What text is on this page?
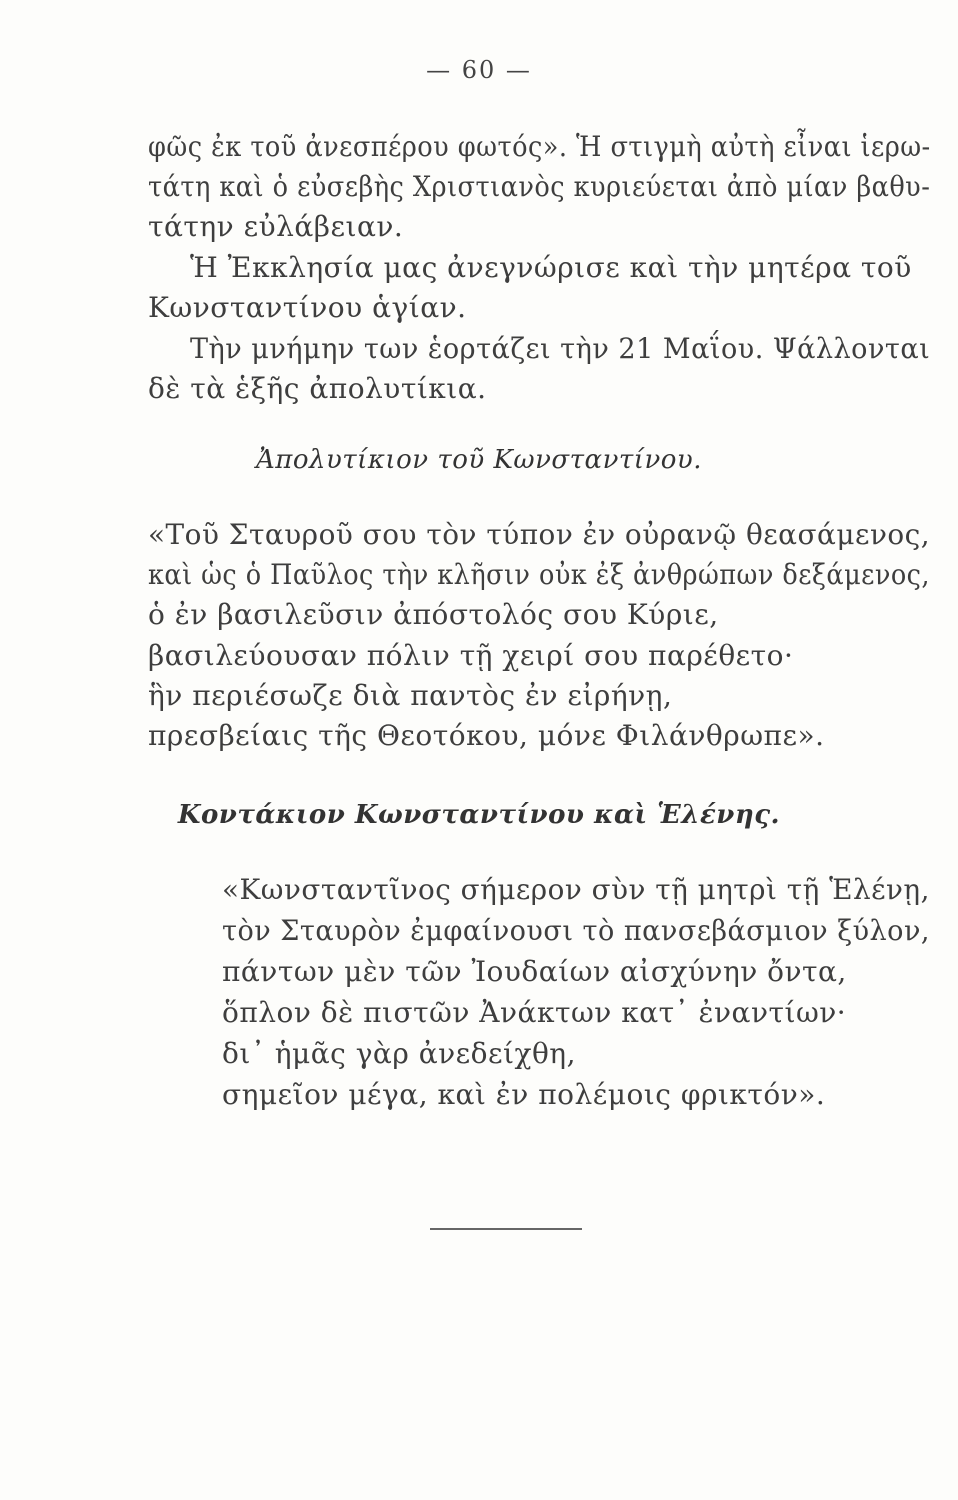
— 60 —
φῶς ἐκ τοῦ ἀνεσπέρου φωτός». Ἡ στιγμὴ αὐτὴ εἶναι ἱερω-
τάτη καὶ ὁ εὐσεβὴς Χριστιανὸς κυριεύεται ἀπὸ μίαν βαθυ-
τάτην εὐλάβειαν.
Ἡ Ἐκκλησία μας ἀνεγνώρισε καὶ τὴν μητέρα τοῦ
Κωνσταντίνου ἁγίαν.
Τὴν μνήμην των ἑορτάζει τὴν 21 Μαΐου. Ψάλλονται
δὲ τὰ ἑξῆς ἀπολυτίκια.
Ἀπολυτίκιον τοῦ Κωνσταντίνου.
«Τοῦ Σταυροῦ σου τὸν τύπον ἐν οὐρανῷ θεασάμενος,
καὶ ὡς ὁ Παῦλος τὴν κλῆσιν οὐκ ἐξ ἀνθρώπων δεξάμενος,
ὁ ἐν βασιλεῦσιν ἀπόστολός σου Κύριε,
βασιλεύουσαν πόλιν τῇ χειρί σου παρέθετο·
ἣν περιέσωζε διὰ παντὸς ἐν εἰρήνῃ,
πρεσβείαις τῆς Θεοτόκου, μόνε Φιλάνθρωπε».
Κοντάκιον Κωνσταντίνου καὶ Ἑλένης.
«Κωνσταντῖνος σήμερον σὺν τῇ μητρὶ τῇ Ἑλένῃ,
τὸν Σταυρὸν ἐμφαίνουσι τὸ πανσεβάσμιον ξύλον,
πάντων μὲν τῶν Ἰουδαίων αἰσχύνην ὄντα,
ὅπλον δὲ πιστῶν Ἀνάκτων κατ᾽ ἐναντίων·
δι᾽ ἡμᾶς γὰρ ἀνεδείχθη,
σημεῖον μέγα, καὶ ἐν πολέμοις φρικτόν».
